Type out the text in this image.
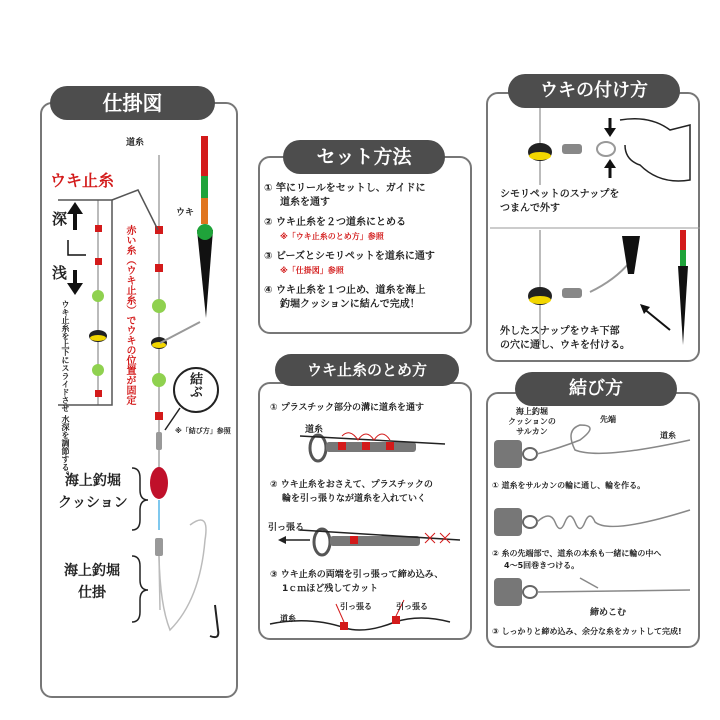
仕掛図
道糸
ウキ
ウキ止糸
深
浅
ウキ止糸を上下にスライドさせ 水深を調節する。
赤い糸（ウキ止糸）でウキの位置が固定	結ぶ
※「結び方」参照
海上釣堀
クッション
海上釣堀
仕掛
セット方法
① 竿にリールをセットし、ガイドに
道糸を通す
② ウキ止糸を２つ道糸にとめる
※「ウキ止糸のとめ方」参照
③ ビーズとシモリペットを道糸に通す
※「仕掛図」参照
④ ウキ止糸を１つ止め、道糸を海上
釣堀クッションに結んで完成！
ウキの付け方
シモリペットのスナップを
つまんで外す
外したスナップをウキ下部
の穴に通し、ウキを付ける。
ウキ止糸のとめ方
① プラスチック部分の溝に道糸を通す
道糸
② ウキ止糸をおさえて、プラスチックの
輪を引っ張りなが道糸を入れていく
引っ張る
③ ウキ止糸の両端を引っ張って締め込み、
1ｃｍほど残してカット
引っ張る	引っ張る
道糸
結び方
海上釣堀
クッションの
サルカン
先端
道糸
① 道糸をサルカンの輪に通し、輪を作る。
② 糸の先端部で、道糸の本糸も一緒に輪の中へ
4～5回巻きつける。
締めこむ
③ しっかりと締め込み、余分な糸をカットして完成!
